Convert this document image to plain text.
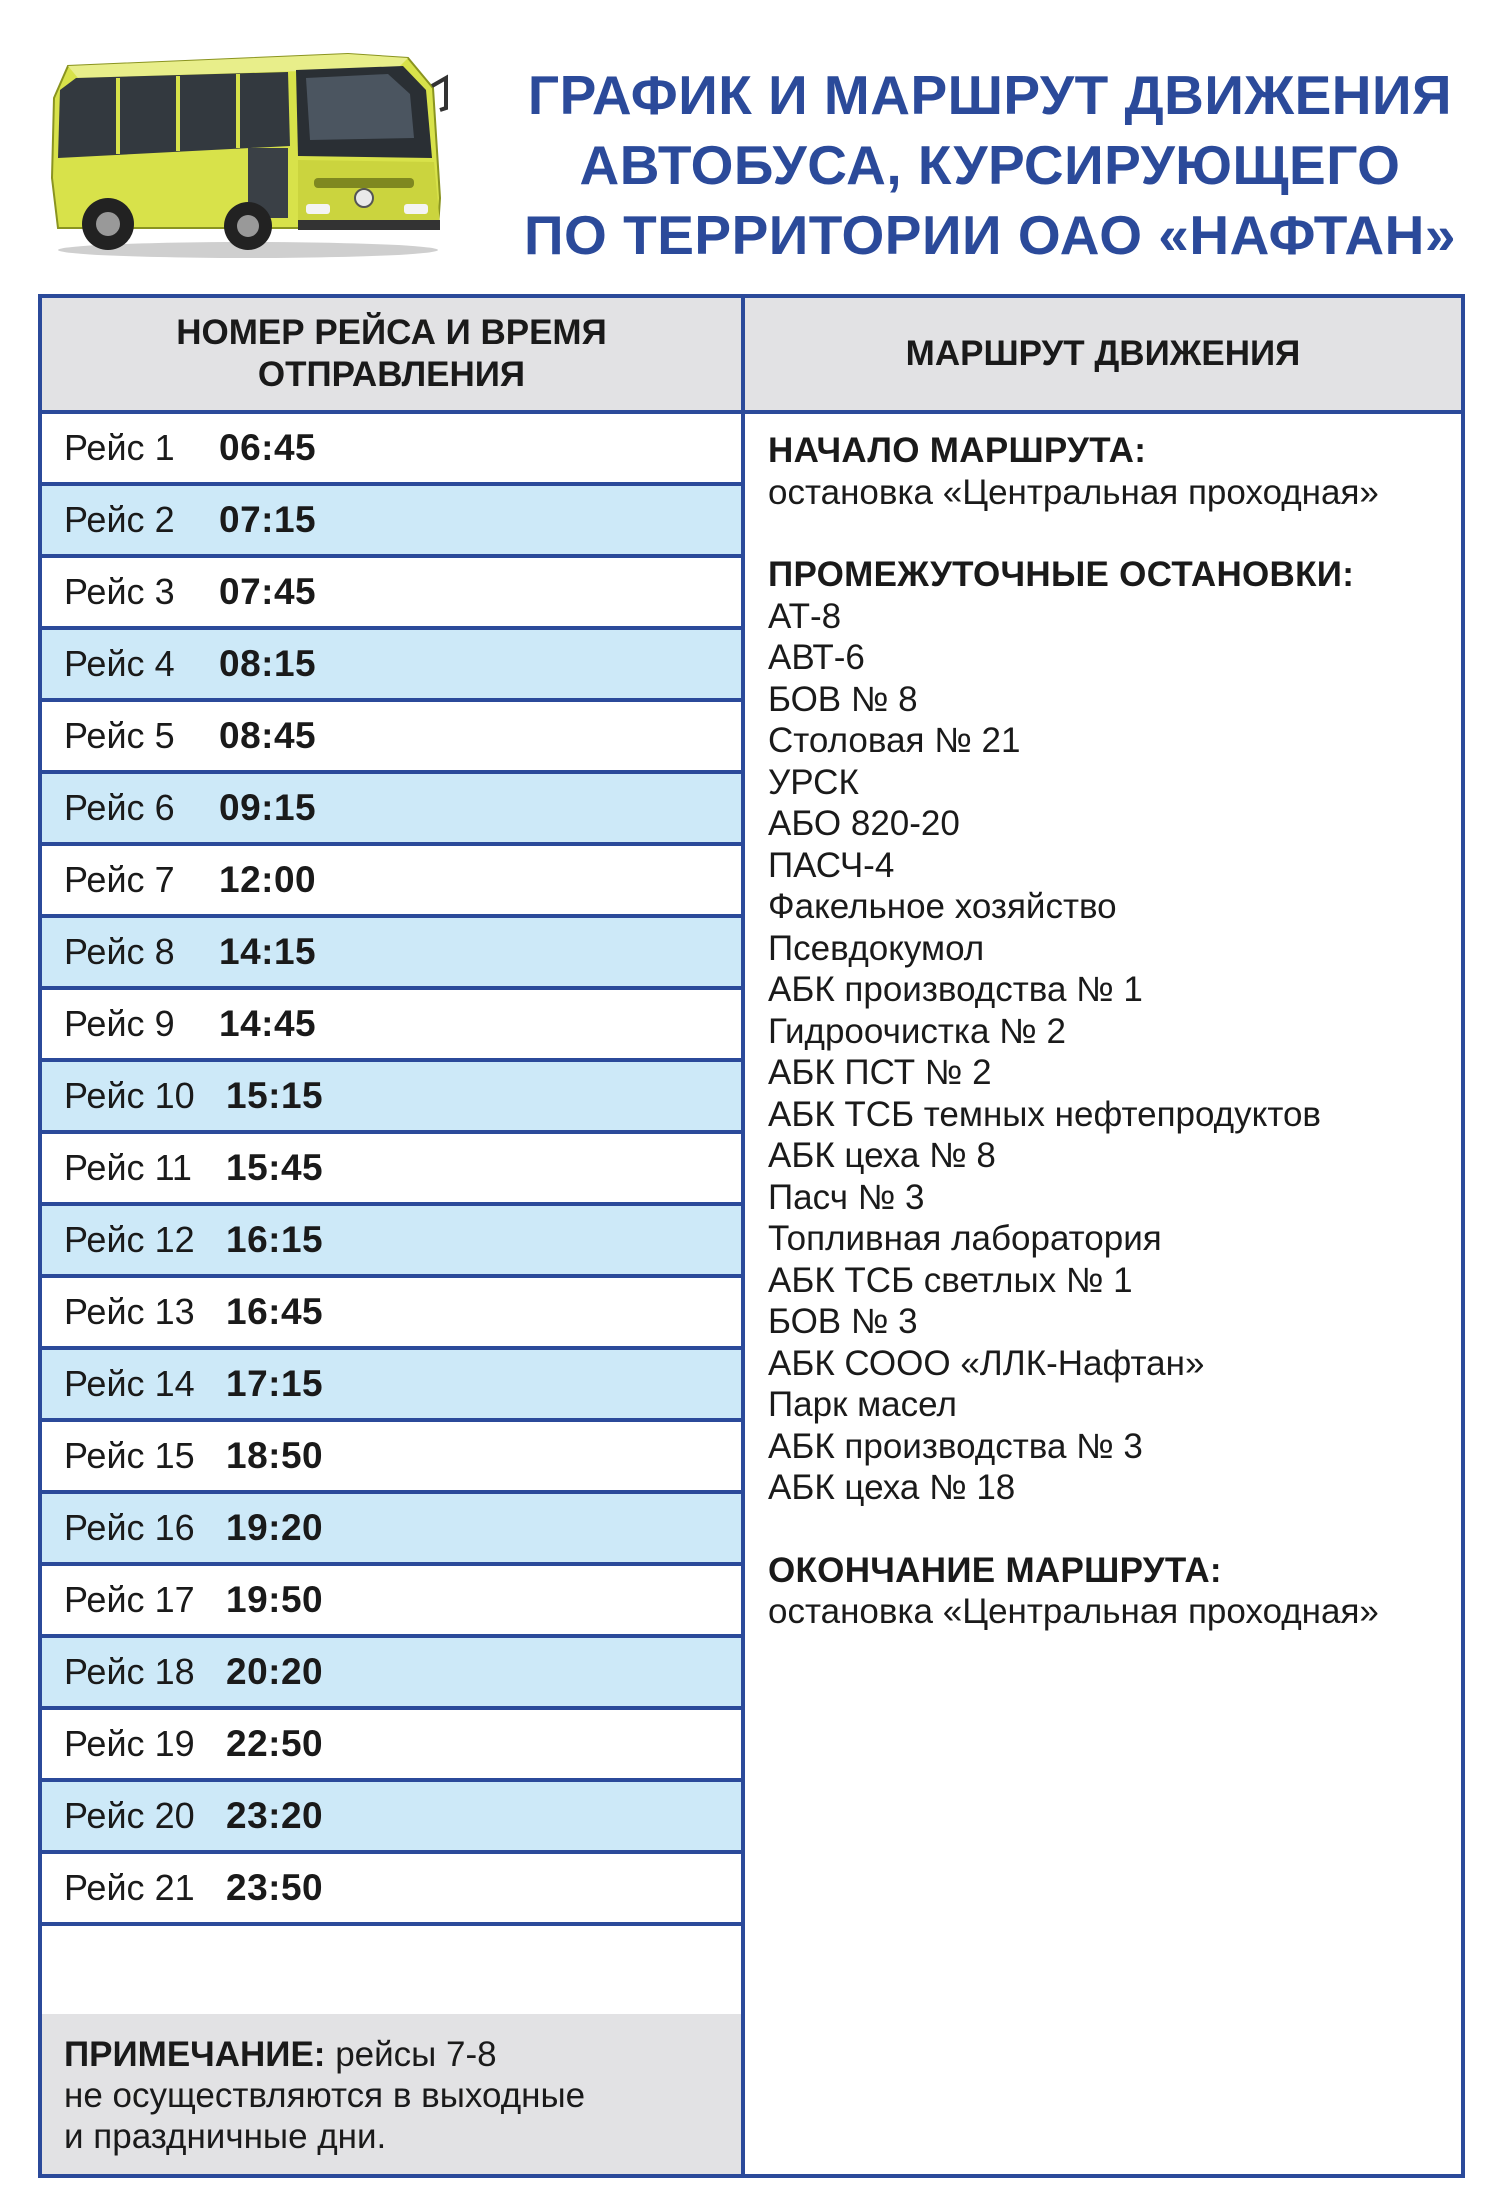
ГРАФИК И МАРШРУТ ДВИЖЕНИЯ
АВТОБУСА, КУРСИРУЮЩЕГО
ПО ТЕРРИТОРИИ ОАО «НАФТАН»
НОМЕР РЕЙСА И ВРЕМЯ
ОТПРАВЛЕНИЯ
МАРШРУТ ДВИЖЕНИЯ
Рейс 1	06:45
Рейс 2	07:15
Рейс 3	07:45
Рейс 4	08:15
Рейс 5	08:45
Рейс 6	09:15
Рейс 7	12:00
Рейс 8	14:15
Рейс 9	14:45
Рейс 10 15:15
Рейс 11 15:45
Рейс 12 16:15
Рейс 13 16:45
Рейс 14 17:15
Рейс 15 18:50
Рейс 16 19:20
Рейс 17 19:50
Рейс 18 20:20
Рейс 19 22:50
Рейс 20 23:20
Рейс 21 23:50
ПРИМЕЧАНИЕ: рейсы 7-8
не осуществляются в выходные
и праздничные дни.
НАЧАЛО МАРШРУТА:
остановка «Центральная проходная»
ПРОМЕЖУТОЧНЫЕ ОСТАНОВКИ:
АТ-8
АВТ-6
БОВ № 8
Столовая № 21
УРСК
АБО 820-20
ПАСЧ-4
Факельное хозяйство
Псевдокумол
АБК производства № 1
Гидроочистка № 2
АБК ПСТ № 2
АБК ТСБ темных нефтепродуктов
АБК цеха № 8
Пасч № 3
Топливная лаборатория
АБК ТСБ светлых № 1
БОВ № 3
АБК СООО «ЛЛК-Нафтан»
Парк масел
АБК производства № 3
АБК цеха № 18
ОКОНЧАНИЕ МАРШРУТА:
остановка «Центральная проходная»
